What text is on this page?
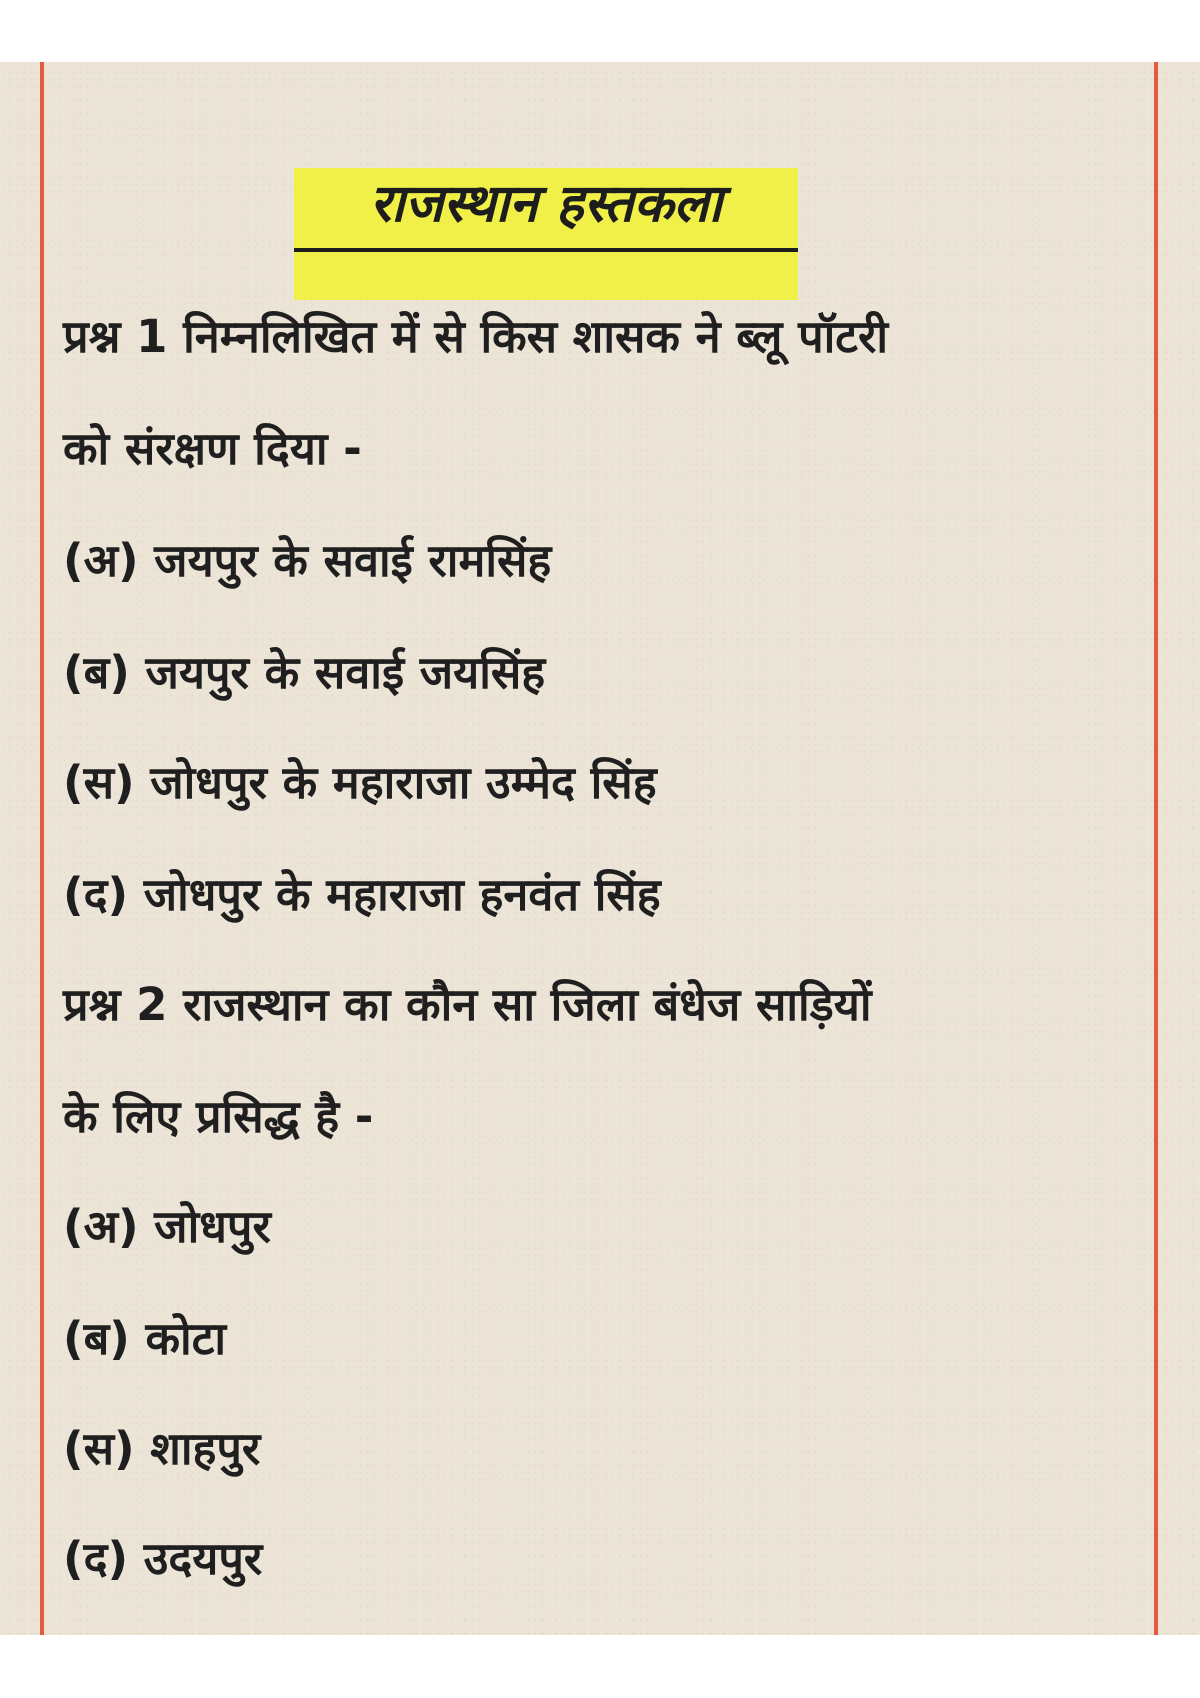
राजस्थान हस्तकला
प्रश्न 1 निम्नलिखित में से किस शासक ने ब्लू पॉटरी
को संरक्षण दिया -
(अ) जयपुर के सवाई रामसिंह
(ब) जयपुर के सवाई जयसिंह
(स) जोधपुर के महाराजा उम्मेद सिंह
(द) जोधपुर के महाराजा हनवंत सिंह
प्रश्न 2 राजस्थान का कौन सा जिला बंधेज साड़ियों
के लिए प्रसिद्ध है -
(अ) जोधपुर
(ब) कोटा
(स) शाहपुर
(द) उदयपुर
